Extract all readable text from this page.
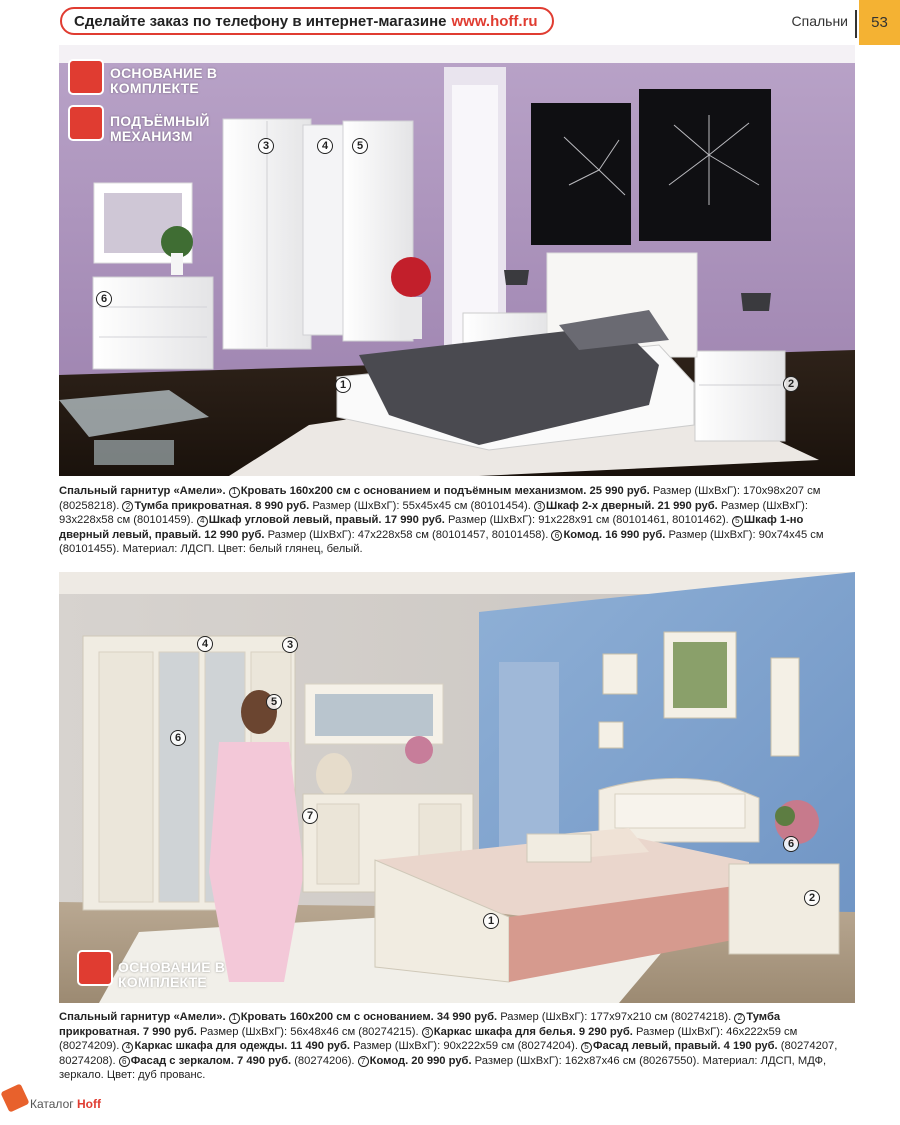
Сделайте заказ по телефону в интернет-магазине www.hoff.ru	Спальни	53
ОСНОВАНИЕ В КОМПЛЕКТЕ
ПОДЪЁМНЫЙ МЕХАНИЗМ
1	2
3	4	5
6
Спальный гарнитур «Амели». 1 Кровать 160х200 см с основанием и подъёмным механизмом. 25 990 руб. Размер (ШxВxГ): 170х98х207 см (80258218). 2 Тумба прикроватная. 8 990 руб. Размер (ШxВxГ): 55х45х45 см (80101454). 3 Шкаф 2-х дверный. 21 990 руб. Размер (ШxВxГ): 93х228х58 см (80101459). 4 Шкаф угловой левый, правый. 17 990 руб. Размер (ШxВxГ): 91х228х91 см (80101461, 80101462). 5 Шкаф 1-но дверный левый, правый. 12 990 руб. Размер (ШxВxГ): 47х228х58 см (80101457, 80101458). 6 Комод. 16 990 руб. Размер (ШxВxГ): 90х74х45 см (80101455). Материал: ЛДСП. Цвет: белый глянец, белый.
ОСНОВАНИЕ В КОМПЛЕКТЕ
1
2
3
4
5
6
6
7
Спальный гарнитур «Амели». 1 Кровать 160х200 см с основанием. 34 990 руб. Размер (ШxВxГ): 177х97х210 см (80274218). 2 Тумба прикроватная. 7 990 руб. Размер (ШxВxГ): 56х48х46 см (80274215). 3 Каркас шкафа для белья. 9 290 руб. Размер (ШxВxГ): 46х222х59 см (80274209). 4 Каркас шкафа для одежды. 11 490 руб. Размер (ШxВxГ): 90х222х59 см (80274204). 5 Фасад левый, правый. 4 190 руб. (80274207, 80274208). 6 Фасад с зеркалом. 7 490 руб. (80274206). 7 Комод. 20 990 руб. Размер (ШxВxГ): 162х87х46 см (80267550). Материал: ЛДСП, МДФ, зеркало. Цвет: дуб прованс.
Каталог Hoff
